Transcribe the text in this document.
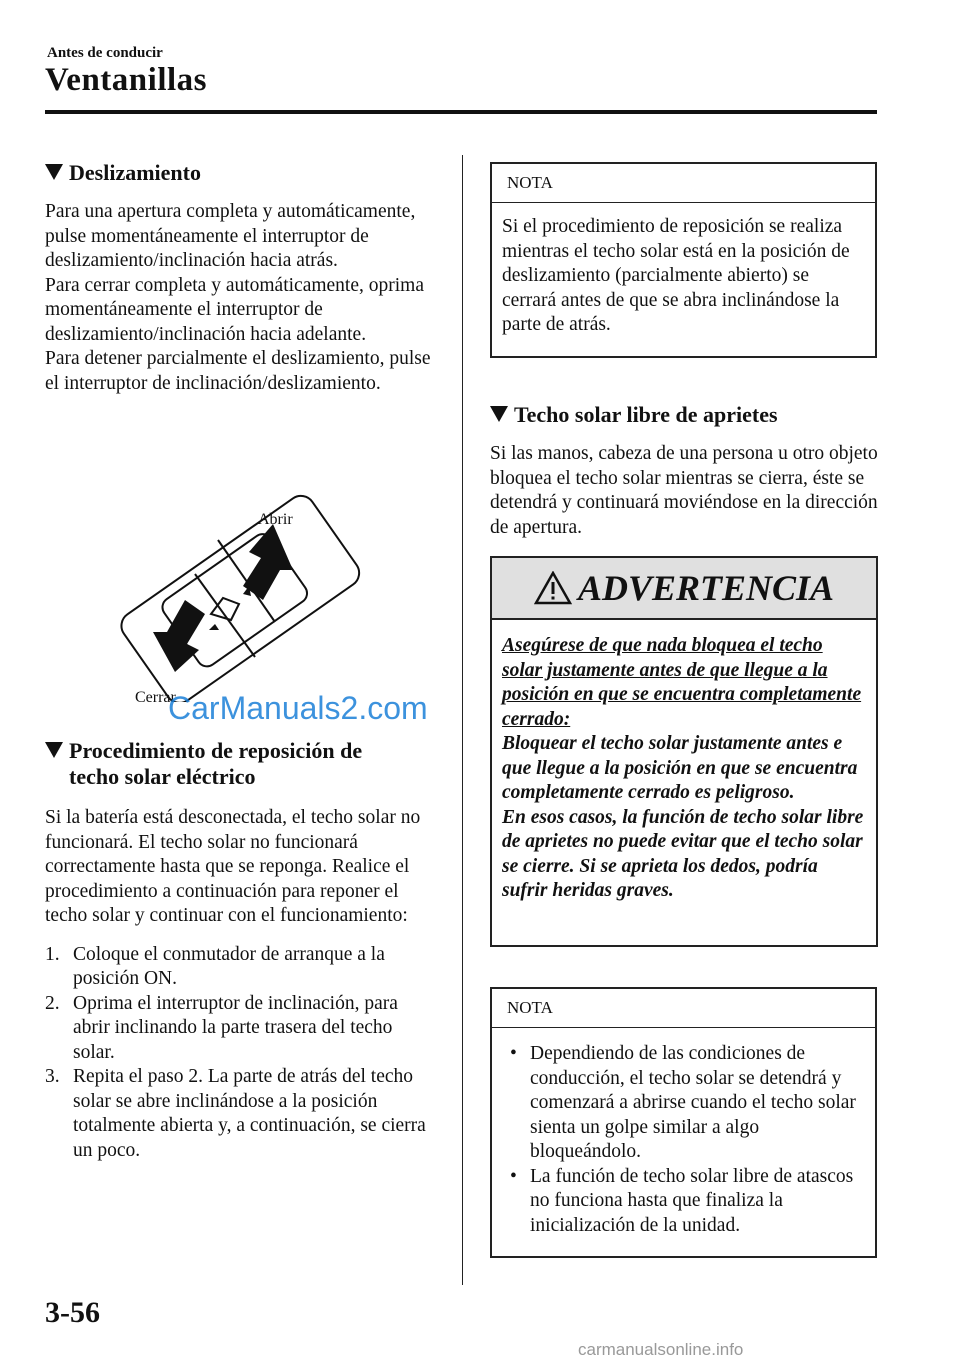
Antes de conducir
Ventanillas
Deslizamiento

Para una apertura completa y automáticamente, pulse momentáneamente el interruptor de deslizamiento/inclinación hacia atrás.
Para cerrar completa y automáticamente, oprima momentáneamente el interruptor de deslizamiento/inclinación hacia adelante.
Para detener parcialmente el deslizamiento, pulse el interruptor de inclinación/deslizamiento.

Abrir
Cerrar
CarManuals2.com
Procedimiento de reposición de
techo solar eléctrico

Si la batería está desconectada, el techo solar no funcionará. El techo solar no funcionará correctamente hasta que se reponga. Realice el procedimiento a continuación para reponer el techo solar y continuar con el funcionamiento:

1. Coloque el conmutador de arranque a la posición ON.
2. Oprima el interruptor de inclinación, para abrir inclinando la parte trasera del techo solar.
3. Repita el paso 2. La parte de atrás del techo solar se abre inclinándose a la posición totalmente abierta y, a continuación, se cierra un poco.
NOTA
Si el procedimiento de reposición se realiza mientras el techo solar está en la posición de deslizamiento (parcialmente abierto) se cerrará antes de que se abra inclinándose la parte de atrás.
Techo solar libre de aprietes

Si las manos, cabeza de una persona u otro objeto bloquea el techo solar mientras se cierra, éste se detendrá y continuará moviéndose en la dirección de apertura.

ADVERTENCIA
Asegúrese de que nada bloquea el techo solar justamente antes de que llegue a la posición en que se encuentra completamente cerrado:

Bloquear el techo solar justamente antes e que llegue a la posición en que se encuentra completamente cerrado es peligroso.
En esos casos, la función de techo solar libre de aprietes no puede evitar que el techo solar se cierre. Si se aprieta los dedos, podría sufrir heridas graves.

NOTA
• Dependiendo de las condiciones de conducción, el techo solar se detendrá y comenzará a abrirse cuando el techo solar sienta un golpe similar a algo bloqueándolo.
• La función de techo solar libre de atascos no funciona hasta que finaliza la inicialización de la unidad.
3-56
carmanualsonline.info
